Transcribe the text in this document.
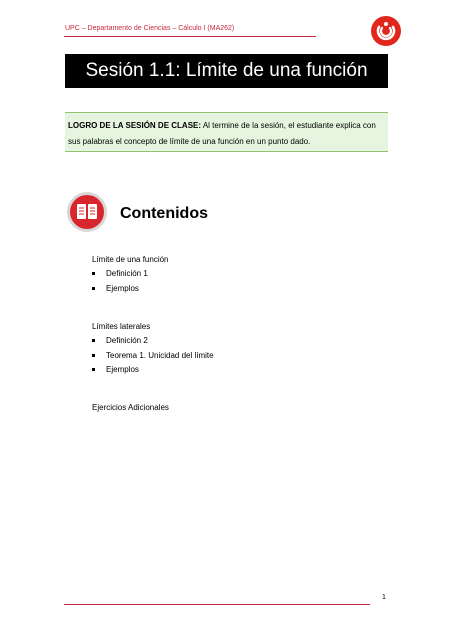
UPC – Departamento de Ciencias – Cálculo I (MA262)
Sesión 1.1: Límite de una función
LOGRO DE LA SESIÓN DE CLASE: Al termine de la sesión, el estudiante explica con sus palabras el concepto de límite de una función en un punto dado.
Contenidos
Límite de una función
Definición 1
Ejemplos
Límites laterales
Definición 2
Teorema 1. Unicidad del límite
Ejemplos
Ejercicios Adicionales
1
